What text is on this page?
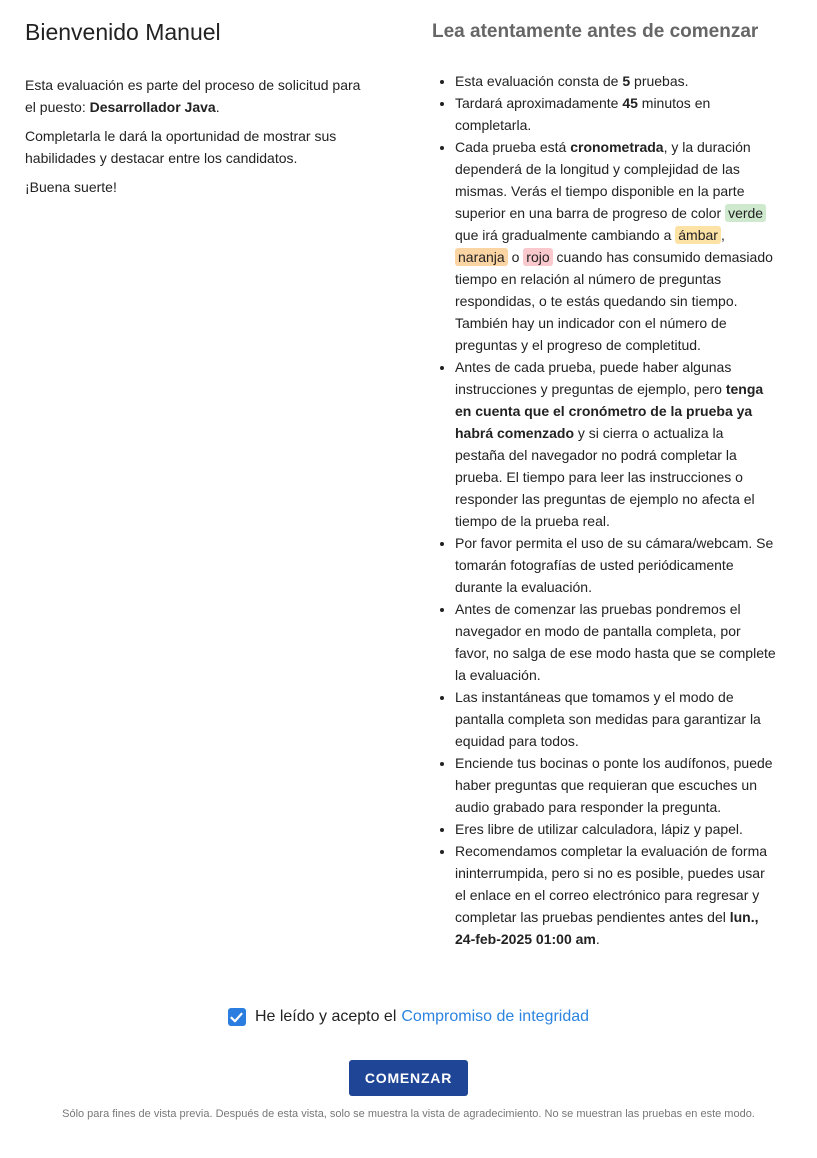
Bienvenido Manuel

Esta evaluación es parte del proceso de solicitud para el puesto: Desarrollador Java.

Completarla le dará la oportunidad de mostrar sus habilidades y destacar entre los candidatos.

¡Buena suerte!

Lea atentamente antes de comenzar
• Esta evaluación consta de 5 pruebas.
• Tardará aproximadamente 45 minutos en completarla.
• Cada prueba está cronometrada, y la duración dependerá de la longitud y complejidad de las mismas. Verás el tiempo disponible en la parte superior en una barra de progreso de color verde que irá gradualmente cambiando a ámbar , naranja o rojo cuando has consumido demasiado tiempo en relación al número de preguntas respondidas, o te estás quedando sin tiempo. También hay un indicador con el número de preguntas y el progreso de completitud.
• Antes de cada prueba, puede haber algunas instrucciones y preguntas de ejemplo, pero tenga en cuenta que el cronómetro de la prueba ya habrá comenzado y si cierra o actualiza la pestaña del navegador no podrá completar la prueba. El tiempo para leer las instrucciones o responder las preguntas de ejemplo no afecta el tiempo de la prueba real.
• Por favor permita el uso de su cámara/webcam. Se tomarán fotografías de usted periódicamente durante la evaluación.
• Antes de comenzar las pruebas pondremos el navegador en modo de pantalla completa, por favor, no salga de ese modo hasta que se complete la evaluación.
• Las instantáneas que tomamos y el modo de pantalla completa son medidas para garantizar la equidad para todos.
• Enciende tus bocinas o ponte los audífonos, puede haber preguntas que requieran que escuches un audio grabado para responder la pregunta.
• Eres libre de utilizar calculadora, lápiz y papel.
• Recomendamos completar la evaluación de forma ininterrumpida, pero si no es posible, puedes usar el enlace en el correo electrónico para regresar y completar las pruebas pendientes antes del lun., 24-feb-2025 01:00 am.
He leído y acepto el Compromiso de integridad
COMENZAR
Sólo para fines de vista previa. Después de esta vista, solo se muestra la vista de agradecimiento. No se muestran las pruebas en este modo.
